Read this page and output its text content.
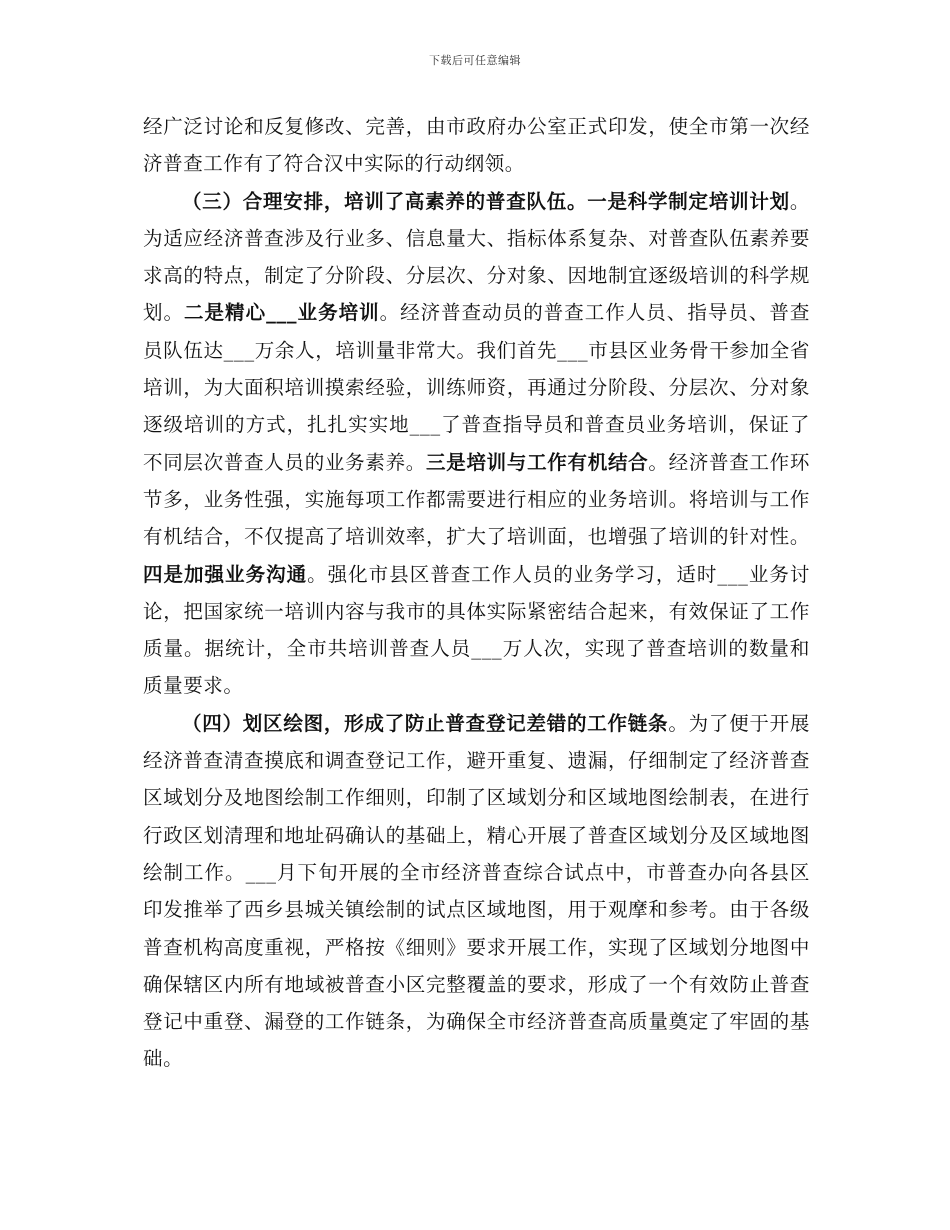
下载后可任意编辑

经广泛讨论和反复修改、完善，由市政府办公室正式印发，使全市第一次经济普查工作有了符合汉中实际的行动纲领。

（三）合理安排，培训了高素养的普查队伍。一是科学制定培训计划。为适应经济普查涉及行业多、信息量大、指标体系复杂、对普查队伍素养要求高的特点，制定了分阶段、分层次、分对象、因地制宜逐级培训的科学规划。二是精心___业务培训。经济普查动员的普查工作人员、指导员、普查员队伍达___万余人，培训量非常大。我们首先___市县区业务骨干参加全省培训，为大面积培训摸索经验，训练师资，再通过分阶段、分层次、分对象逐级培训的方式，扎扎实实地___了普查指导员和普查员业务培训，保证了不同层次普查人员的业务素养。三是培训与工作有机结合。经济普查工作环节多，业务性强，实施每项工作都需要进行相应的业务培训。将培训与工作有机结合，不仅提高了培训效率，扩大了培训面，也增强了培训的针对性。四是加强业务沟通。强化市县区普查工作人员的业务学习，适时___业务讨论，把国家统一培训内容与我市的具体实际紧密结合起来，有效保证了工作质量。据统计，全市共培训普查人员___万人次，实现了普查培训的数量和质量要求。

（四）划区绘图，形成了防止普查登记差错的工作链条。为了便于开展经济普查清查摸底和调查登记工作，避开重复、遗漏，仔细制定了经济普查区域划分及地图绘制工作细则，印制了区域划分和区域地图绘制表，在进行行政区划清理和地址码确认的基础上，精心开展了普查区域划分及区域地图绘制工作。___月下旬开展的全市经济普查综合试点中，市普查办向各县区印发推举了西乡县城关镇绘制的试点区域地图，用于观摩和参考。由于各级普查机构高度重视，严格按《细则》要求开展工作，实现了区域划分地图中确保辖区内所有地域被普查小区完整覆盖的要求，形成了一个有效防止普查登记中重登、漏登的工作链条，为确保全市经济普查高质量奠定了牢固的基础。
